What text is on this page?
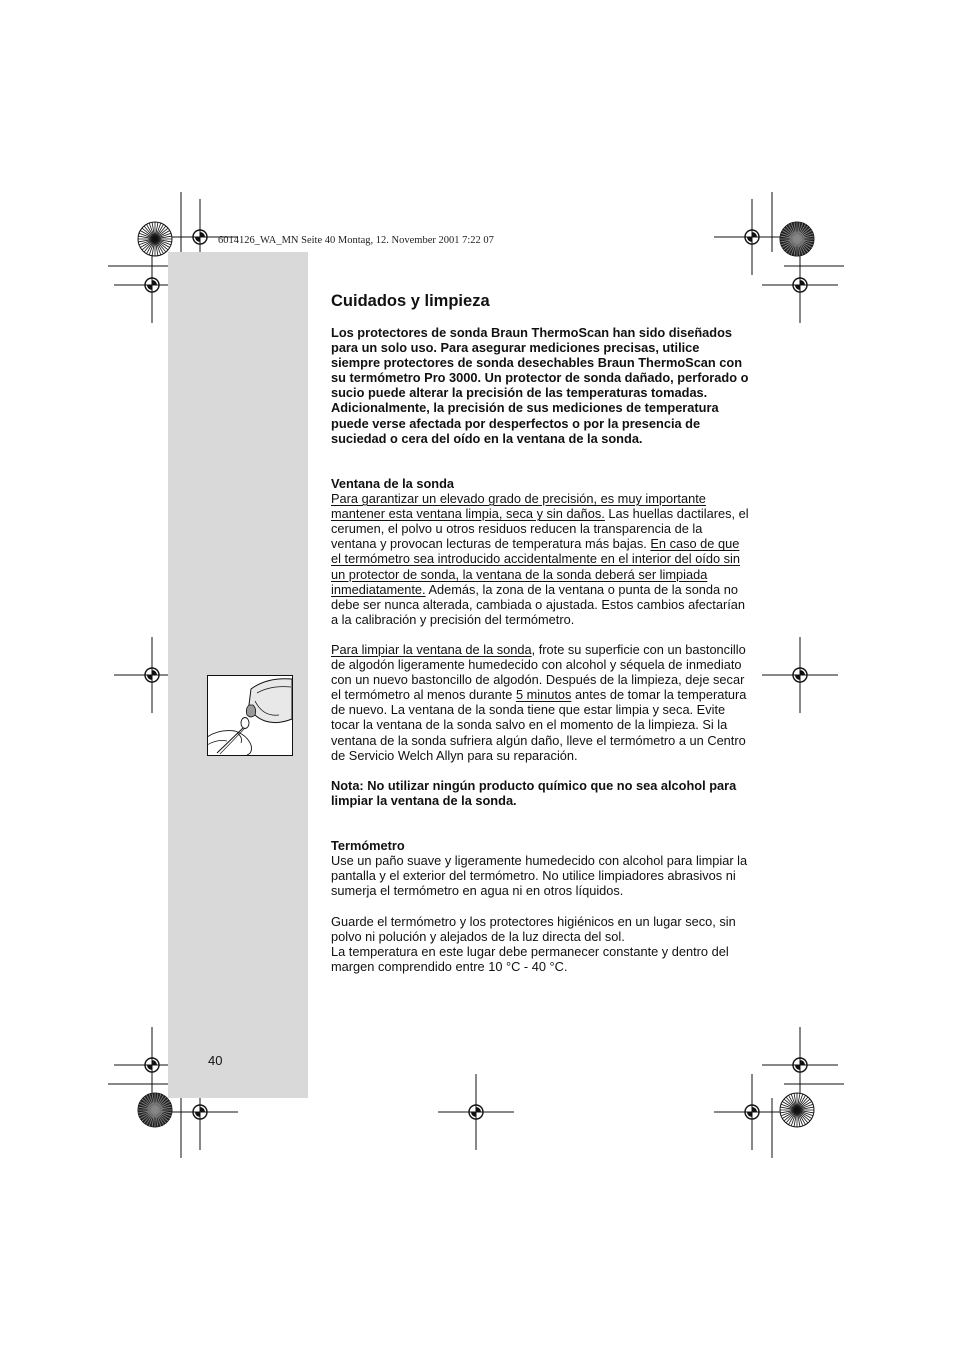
6014126_WA_MN Seite 40 Montag, 12. November 2001 7:22 07
Cuidados y limpieza

Los protectores de sonda Braun ThermoScan han sido diseñados para un solo uso. Para asegurar mediciones precisas, utilice siempre protectores de sonda desechables Braun ThermoScan con su termómetro Pro 3000. Un protector de sonda dañado, perforado o sucio puede alterar la precisión de las temperaturas tomadas. Adicionalmente, la precisión de sus mediciones de temperatura puede verse afectada por desperfectos o por la presencia de suciedad o cera del oído en la ventana de la sonda.

Ventana de la sonda

Para garantizar un elevado grado de precisión, es muy importante mantener esta ventana limpia, seca y sin daños. Las huellas dactilares, el cerumen, el polvo u otros residuos reducen la transparencia de la ventana y provocan lecturas de temperatura más bajas. En caso de que el termómetro sea introducido accidentalmente en el interior del oído sin un protector de sonda, la ventana de la sonda deberá ser limpiada inmediatamente. Además, la zona de la ventana o punta de la sonda no debe ser nunca alterada, cambiada o ajustada. Estos cambios afectarían a la calibración y precisión del termómetro.

Para limpiar la ventana de la sonda, frote su superficie con un bastoncillo de algodón ligeramente humedecido con alcohol y séquela de inmediato con un nuevo bastoncillo de algodón. Después de la limpieza, deje secar el termómetro al menos durante 5 minutos antes de tomar la temperatura de nuevo. La ventana de la sonda tiene que estar limpia y seca. Evite tocar la ventana de la sonda salvo en el momento de la limpieza. Si la ventana de la sonda sufriera algún daño, lleve el termómetro a un Centro de Servicio Welch Allyn para su reparación.

Nota: No utilizar ningún producto químico que no sea alcohol para limpiar la ventana de la sonda.

Termómetro

Use un paño suave y ligeramente humedecido con alcohol para limpiar la pantalla y el exterior del termómetro. No utilice limpiadores abrasivos ni sumerja el termómetro en agua ni en otros líquidos.

Guarde el termómetro y los protectores higiénicos en un lugar seco, sin polvo ni polución y alejados de la luz directa del sol.

La temperatura en este lugar debe permanecer constante y dentro del margen comprendido entre 10 °C - 40 °C.

40
